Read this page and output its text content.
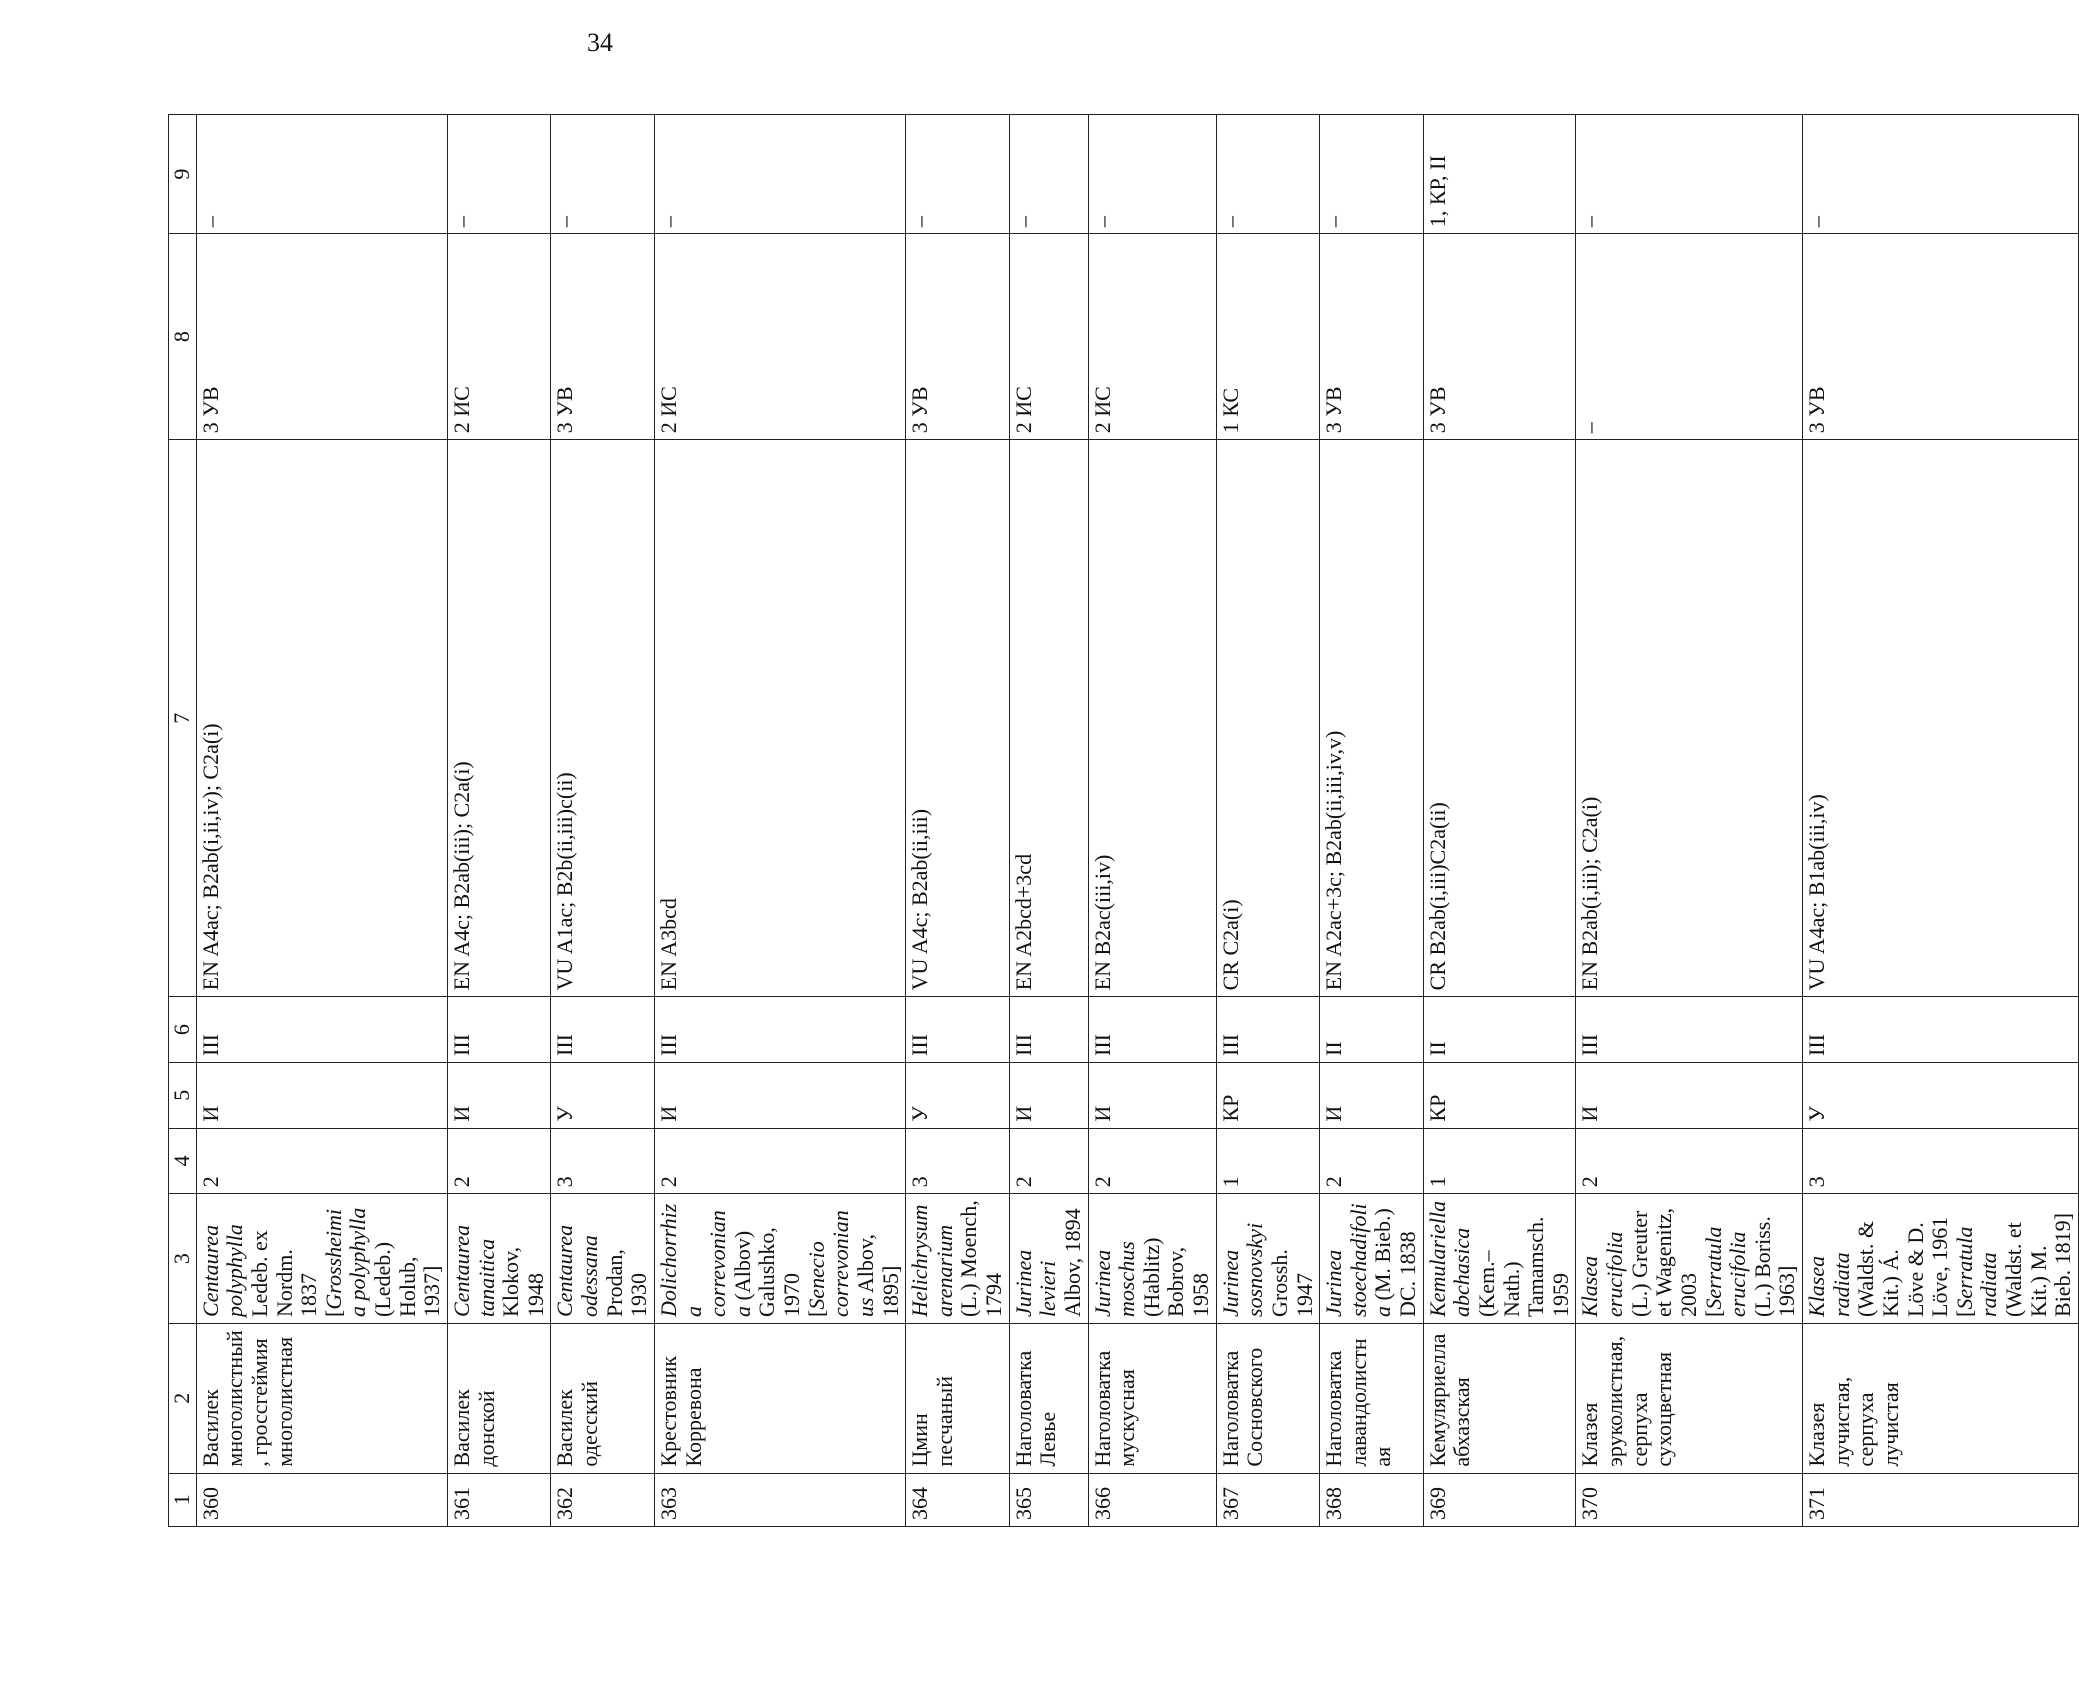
34
1	2	3	4	5	6	7	8	9
360	Василек многолистный, гроссгеймия многолистная	Centaurea polyphylla Ledeb. ex Nordm. 1837 [Grossheimia polyphylla (Ledeb.) Holub, 1937]	2	И	III	EN A4ac; B2ab(i,ii,iv); C2a(i)	3 УВ	–
361	Василек донской	Centaurea tanaitica Klokov, 1948	2	И	III	EN A4c; B2ab(iii); C2a(i)	2 ИС	–
362	Василек одесский	Centaurea odessana Prodan, 1930	3	У	III	VU A1ac; B2b(ii,iii)c(ii)	3 УВ	–
363	Крестовник Корревона	Dolichorrhiza correvoniana (Albov) Galushko, 1970 [Senecio correvonianus Albov, 1895]	2	И	III	EN A3bcd	2 ИС	–
364	Цмин песчаный	Helichrysum arenarium (L.) Moench, 1794	3	У	III	VU A4c; B2ab(ii,iii)	3 УВ	–
365	Наголоватка Левье	Jurinea levieri Albov, 1894	2	И	III	EN A2bcd+3cd	2 ИС	–
366	Наголоватка мускусная	Jurinea moschus (Hablitz) Bobrov, 1958	2	И	III	EN B2ac(iii,iv)	2 ИС	–
367	Наголоватка Сосновского	Jurinea sosnovskyi Grossh. 1947	1	КР	III	CR C2a(i)	1 КС	–
368	Наголоватка лавандолистная	Jurinea stoechadifolia (M. Bieb.) DC. 1838	2	И	II	EN A2ac+3c; B2ab(ii,iii,iv,v)	3 УВ	–
369	Кемуляриелла абхазская	Kemulariella abchasica (Kem.–Nath.) Tamamsch. 1959	1	КР	II	CR B2ab(i,iii)C2a(ii)	3 УВ	1, КР, II
370	Клазея эруколистная, серпуха сухоцветная	Klasea erucifolia (L.) Greuter et Wagenitz, 2003 [Serratula erucifolia (L.) Boriss. 1963]	2	И	III	EN B2ab(i,iii); C2a(i)	–	–
371	Клазея лучистая, серпуха лучистая	Klasea radiata (Waldst. & Kit.) Á. Löve & D. Löve, 1961 [Serratula radiata (Waldst. et Kit.) M. Bieb. 1819]	3	У	III	VU A4ac; B1ab(iii,iv)	3 УВ	–
